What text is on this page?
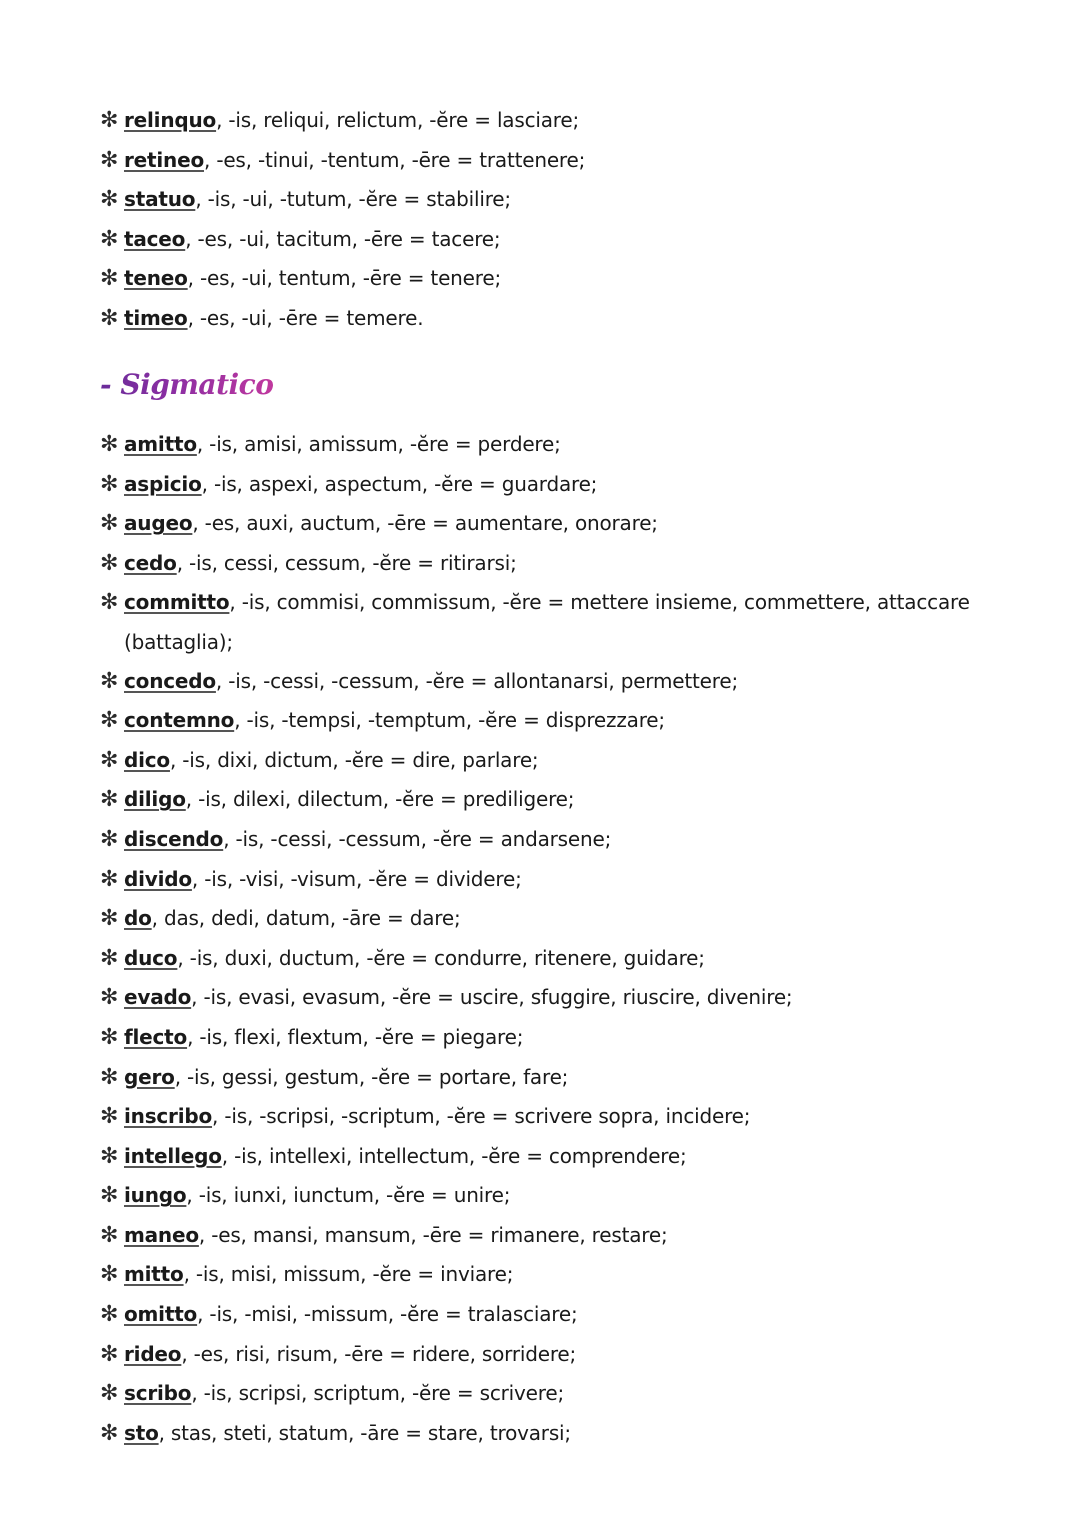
✻ relinquo, -is, reliqui, relictum, -ĕre = lasciare;
✻ retineo, -es, -tinui, -tentum, -ēre = trattenere;
✻ statuo, -is, -ui, -tutum, -ĕre = stabilire;
✻ taceo, -es, -ui, tacitum, -ēre = tacere;
✻ teneo, -es, -ui, tentum, -ēre = tenere;
✻ timeo, -es, -ui, -ēre = temere.
- Sigmatico
✻ amitto, -is, amisi, amissum, -ĕre = perdere;
✻ aspicio, -is, aspexi, aspectum, -ĕre = guardare;
✻ augeo, -es, auxi, auctum, -ēre = aumentare, onorare;
✻ cedo, -is, cessi, cessum, -ĕre = ritirarsi;
✻ committo, -is, commisi, commissum, -ĕre = mettere insieme, commettere, attaccare
(battaglia);
✻ concedo, -is, -cessi, -cessum, -ĕre = allontanarsi, permettere;
✻ contemno, -is, -tempsi, -temptum, -ĕre = disprezzare;
✻ dico, -is, dixi, dictum, -ĕre = dire, parlare;
✻ diligo, -is, dilexi, dilectum, -ĕre = prediligere;
✻ discendo, -is, -cessi, -cessum, -ĕre = andarsene;
✻ divido, -is, -visi, -visum, -ĕre = dividere;
✻ do, das, dedi, datum, -āre = dare;
✻ duco, -is, duxi, ductum, -ĕre = condurre, ritenere, guidare;
✻ evado, -is, evasi, evasum, -ĕre = uscire, sfuggire, riuscire, divenire;
✻ flecto, -is, flexi, flextum, -ĕre = piegare;
✻ gero, -is, gessi, gestum, -ĕre = portare, fare;
✻ inscribo, -is, -scripsi, -scriptum, -ĕre = scrivere sopra, incidere;
✻ intellego, -is, intellexi, intellectum, -ĕre = comprendere;
✻ iungo, -is, iunxi, iunctum, -ĕre = unire;
✻ maneo, -es, mansi, mansum, -ēre = rimanere, restare;
✻ mitto, -is, misi, missum, -ĕre = inviare;
✻ omitto, -is, -misi, -missum, -ĕre = tralasciare;
✻ rideo, -es, risi, risum, -ēre = ridere, sorridere;
✻ scribo, -is, scripsi, scriptum, -ĕre = scrivere;
✻ sto, stas, steti, statum, -āre = stare, trovarsi;
